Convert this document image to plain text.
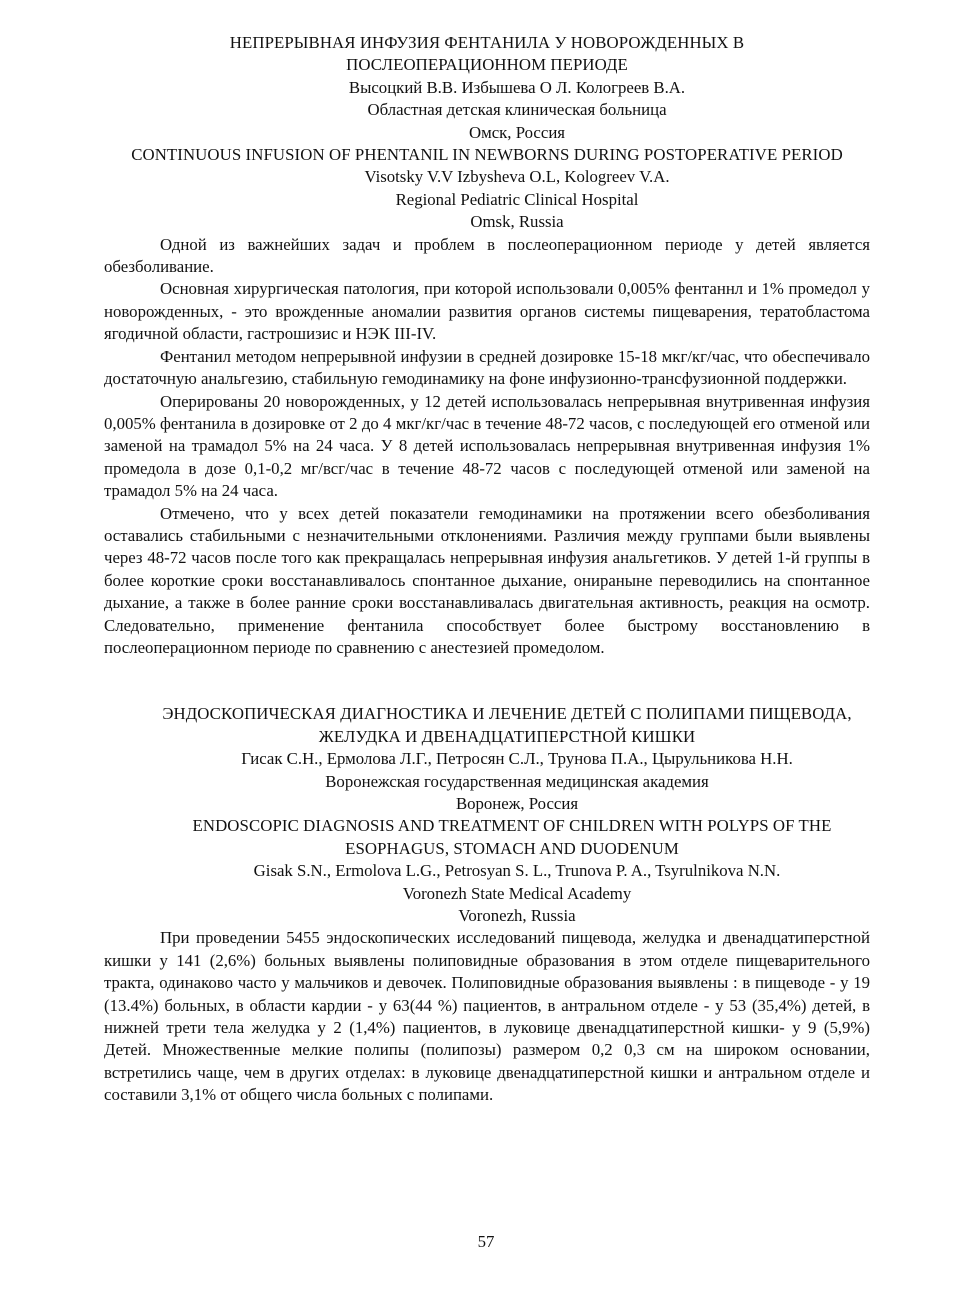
НЕПРЕРЫВНАЯ ИНФУЗИЯ ФЕНТАНИЛА У НОВОРОЖДЕННЫХ В ПОСЛЕОПЕРАЦИОННОМ ПЕРИОДЕ
Высоцкий В.В. Избышева О Л. Кологреев В.А.
Областная детская клиническая больница
Омск, Россия
CONTINUOUS INFUSION OF PHENTANIL IN NEWBORNS DURING POSTOPERATIVE PERIOD
Visotsky V.V Izbysheva O.L, Kologreev V.A.
Regional Pediatric Clinical Hospital
Omsk, Russia

Одной из важнейших задач и проблем в послеоперационном периоде у детей является обезболивание.

Основная хирургическая патология, при которой использовали 0,005% фентаннл и 1% промедол у новорожденных, - это врожденные аномалии развития органов системы пищеварения, тератобластома ягодичной области, гастрошизис и НЭК III-IV.

Фентанил методом непрерывной инфузии в средней дозировке 15-18 мкг/кг/час, что обеспечивало достаточную анальгезию, стабильную гемодинамику на фоне инфузионно-трансфузионной поддержки.

Оперированы 20 новорожденных, у 12 детей использовалась непрерывная внутривенная инфузия 0,005% фентанила в дозировке от 2 до 4 мкг/кг/час в течение 48-72 часов, с последующей его отменой или заменой на трамадол 5% на 24 часа. У 8 детей использовалась непрерывная внутривенная инфузия 1% промедола в дозе 0,1-0,2 мг/всг/час в течение 48-72 часов с последующей отменой или заменой на трамадол 5% на 24 часа.

Отмечено, что у всех детей показатели гемодинамики на протяжении всего обезболивания оставались стабильными с незначительными отклонениями. Различия между группами были выявлены через 48-72 часов после того как прекращалась непрерывная инфузия анальгетиков. У детей 1-й группы в более короткие сроки восстанавливалось спонтанное дыхание, онираныне переводились на спонтанное дыхание, а также в более ранние сроки восстанавливалась двигательная активность, реакция на осмотр. Следовательно, применение фентанила способствует более быстрому восстановлению в послеоперационном периоде по сравнению с анестезией промедолом.

ЭНДОСКОПИЧЕСКАЯ ДИАГНОСТИКА И ЛЕЧЕНИЕ ДЕТЕЙ С ПОЛИПАМИ ПИЩЕВОДА, ЖЕЛУДКА И ДВЕНАДЦАТИПЕРСТНОЙ КИШКИ
Гисак С.Н., Ермолова Л.Г., Петросян С.Л., Трунова П.А., Цырульникова Н.Н.
Воронежская государственная медицинская академия
Воронеж, Россия
ENDOSCOPIC DIAGNOSIS AND TREATMENT OF CHILDREN WITH POLYPS OF THE ESOPHAGUS, STOMACH AND DUODENUM
Gisak S.N., Ermolova L.G., Petrosyan S. L., Trunova P. A., Tsyrulnikova N.N.
Voronezh State Medical Academy
Voronezh, Russia

При проведении 5455 эндоскопических исследований пищевода, желудка и двенадцатиперстной кишки у 141 (2,6%) больных выявлены полиповидные образования в этом отделе пищеварительного тракта, одинаково часто у мальчиков и девочек. Полиповидные образования выявлены : в пищеводе - у 19 (13.4%) больных, в области кардии - у 63(44 %) пациентов, в антральном отделе - у 53 (35,4%) детей, в нижней трети тела желудка у 2 (1,4%) пациентов, в луковице двенадцатиперстной кишки- у 9 (5,9%) Детей. Множественные мелкие полипы (полипозы) размером 0,2 0,3 см на широком основании, встретились чаще, чем в других отделах: в луковице двенадцатиперстной кишки и антральном отделе и составили 3,1% от общего числа больных с полипами.

57
